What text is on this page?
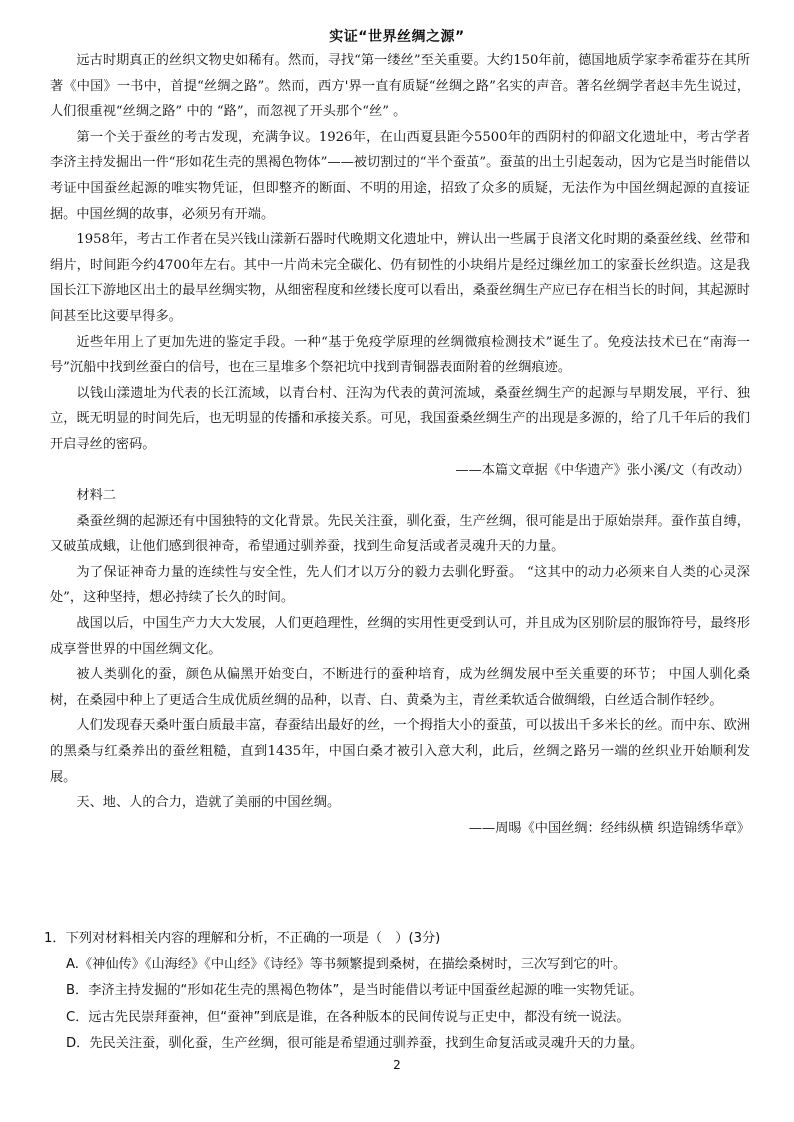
实证“世界丝绸之源”

远古时期真正的丝织文物史如稀有。然而，寻找“第一缕丝”至关重要。大约150年前，德国地质学家李希霍芬在其所著《中国》一书中，首提“丝绸之路”。然而，西方'界一直有质疑“丝绸之路”名实的声音。著名丝绸学者赵丰先生说过，人们很重视“丝绸之路” 中的 “路”，而忽视了开头那个“丝” 。

第一个关于蚕丝的考古发现，充满争议。1926年，在山西夏县距今5500年的西阴村的仰韶文化遗址中，考古学者李济主持发掘出一件“形如花生壳的黑褐色物体”——被切割过的“半个蚕茧”。蚕茧的出土引起轰动，因为它是当时能借以考证中国蚕丝起源的唯实物凭证，但即整齐的断面、不明的用途，招致了众多的质疑，无法作为中国丝绸起源的直接证据。中国丝绸的故事，必须另有开端。

1958年，考古工作者在吴兴钱山漾新石器时代晚期文化遗址中，辨认出一些属于良渚文化时期的桑蚕丝线、丝带和绢片，时间距今约4700年左右。其中一片尚未完全碳化、仍有韧性的小块绢片是经过缫丝加工的家蚕长丝织造。这是我国长江下游地区出土的最早丝绸实物，从细密程度和丝缕长度可以看出，桑蚕丝绸生产应已存在相当长的时间，其起源时间甚至比这要早得多。

近些年用上了更加先进的鉴定手段。一种“基于免疫学原理的丝绸微痕检测技术”诞生了。免疫法技术已在“南海一号”沉船中找到丝蚕白的信号，也在三星堆多个祭祀坑中找到青铜器表面附着的丝绸痕迹。

以钱山漾遗址为代表的长江流域，以青台村、汪沟为代表的黄河流域，桑蚕丝绸生产的起源与早期发展，平行、独立，既无明显的时间先后，也无明显的传播和承接关系。可见，我国蚕桑丝绸生产的出现是多源的，给了几千年后的我们开启寻丝的密码。

——本篇文章据《中华遗产》张小溪/文（有改动）

材料二

桑蚕丝绸的起源还有中国独特的文化背景。先民关注蚕，驯化蚕，生产丝绸，很可能是出于原始崇拜。蚕作茧自缚，又破茧成蛾，让他们感到很神奇，希望通过驯养蚕，找到生命复活或者灵魂升天的力量。

为了保证神奇力量的连续性与安全性，先人们才以万分的毅力去驯化野蚕。 “这其中的动力必须来自人类的心灵深处”，这种坚持，想必持续了长久的时间。

战国以后，中国生产力大大发展，人们更趋理性，丝绸的实用性更受到认可，并且成为区别阶层的服饰符号，最终形成享誉世界的中国丝绸文化。

被人类驯化的蚕，颜色从偏黑开始变白，不断进行的蚕种培育，成为丝绸发展中至关重要的环节； 中国人驯化桑树，在桑园中种上了更适合生成优质丝绸的品种，以青、白、黄桑为主，青丝柔软适合做绸缎，白丝适合制作轻纱。

人们发现春天桑叶蛋白质最丰富，春蚕结出最好的丝，一个拇指大小的蚕茧，可以拔出千多米长的丝。而中东、欧洲的黑桑与红桑养出的蚕丝粗糙，直到1435年，中国白桑才被引入意大利，此后，丝绸之路另一端的丝织业开始顺利发展。

天、地、人的合力，造就了美丽的中国丝绸。

——周晹《中国丝绸：经纬纵横 织造锦绣华章》

1．下列对材料相关内容的理解和分析，不正确的一项是（　）(3分)

A.《神仙传》《山海经》《中山经》《诗经》等书频繁提到桑树，在描绘桑树时，三次写到它的叶。

B．李济主持发掘的“形如花生壳的黑褐色物体”，是当时能借以考证中国蚕丝起源的唯一实物凭证。

C．远古先民崇拜蚕神，但“蚕神”到底是谁，在各种版本的民间传说与正史中，都没有统一说法。

D．先民关注蚕，驯化蚕，生产丝绸，很可能是希望通过驯养蚕，找到生命复活或灵魂升天的力量。

2
